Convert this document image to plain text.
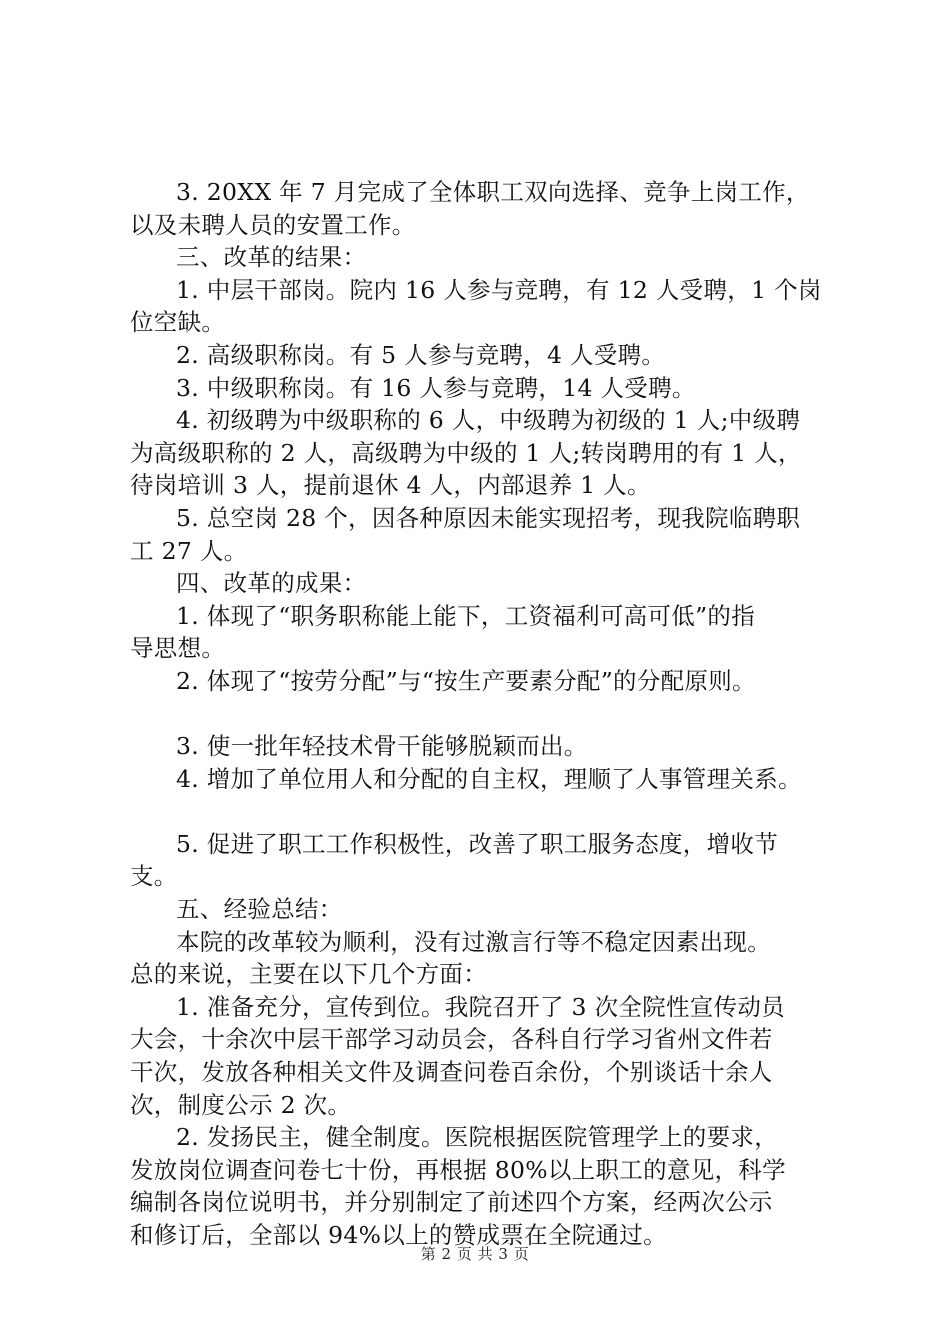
3. 20XX 年 7 月完成了全体职工双向选择、竞争上岗工作，
以及未聘人员的安置工作。
三、改革的结果：
1. 中层干部岗。院内 16 人参与竞聘，有 12 人受聘，1 个岗
位空缺。
2. 高级职称岗。有 5 人参与竞聘，4 人受聘。
3. 中级职称岗。有 16 人参与竞聘，14 人受聘。
4. 初级聘为中级职称的 6 人，中级聘为初级的 1 人;中级聘
为高级职称的 2 人，高级聘为中级的 1 人;转岗聘用的有 1 人，
待岗培训 3 人，提前退休 4 人，内部退养 1 人。
5. 总空岗 28 个，因各种原因未能实现招考，现我院临聘职
工 27 人。
四、改革的成果：
1. 体现了“职务职称能上能下，工资福利可高可低”的指
导思想。
2. 体现了“按劳分配”与“按生产要素分配”的分配原则。
3. 使一批年轻技术骨干能够脱颖而出。
4. 增加了单位用人和分配的自主权，理顺了人事管理关系。
5. 促进了职工工作积极性，改善了职工服务态度，增收节
支。
五、经验总结：
本院的改革较为顺利，没有过激言行等不稳定因素出现。
总的来说，主要在以下几个方面：
1. 准备充分，宣传到位。我院召开了 3 次全院性宣传动员
大会，十余次中层干部学习动员会，各科自行学习省州文件若
干次，发放各种相关文件及调查问卷百余份，个别谈话十余人
次，制度公示 2 次。
2. 发扬民主，健全制度。医院根据医院管理学上的要求，
发放岗位调查问卷七十份，再根据 80%以上职工的意见，科学
编制各岗位说明书，并分别制定了前述四个方案，经两次公示
和修订后，全部以 94%以上的赞成票在全院通过。
第 2 页 共 3 页
